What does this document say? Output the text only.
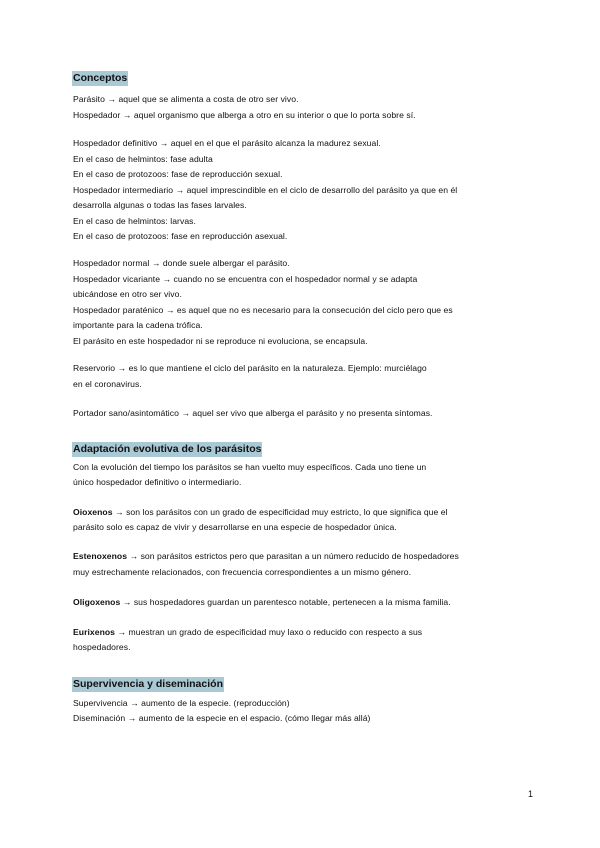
Conceptos
Parásito → aquel que se alimenta a costa de otro ser vivo.
Hospedador → aquel organismo que alberga a otro en su interior o que lo porta sobre sí.
Hospedador definitivo → aquel en el que el parásito alcanza la madurez sexual.
En el caso de helmintos: fase adulta
En el caso de protozoos: fase de reproducción sexual.
Hospedador intermediario → aquel imprescindible en el ciclo de desarrollo del parásito ya que en él
desarrolla algunas o todas las fases larvales.
En el caso de helmintos: larvas.
En el caso de protozoos: fase en reproducción asexual.
Hospedador normal → donde suele albergar el parásito.
Hospedador vicariante → cuando no se encuentra con el hospedador normal y se adapta
ubicándose en otro ser vivo.
Hospedador paraténico → es aquel que no es necesario para la consecución del ciclo pero que es
importante para la cadena trófica.
El parásito en este hospedador ni se reproduce ni evoluciona, se encapsula.
Reservorio → es lo que mantiene el ciclo del parásito en la naturaleza. Ejemplo: murciélago
en el coronavirus.
Portador sano/asintomático → aquel ser vivo que alberga el parásito y no presenta síntomas.
Adaptación evolutiva de los parásitos
Con la evolución del tiempo los parásitos se han vuelto muy específicos. Cada uno tiene un
único hospedador definitivo o intermediario.
Oioxenos → son los parásitos con un grado de especificidad muy estricto, lo que significa que el
parásito solo es capaz de vivir y desarrollarse en una especie de hospedador única.
Estenoxenos → son parásitos estrictos pero que parasitan a un número reducido de hospedadores
muy estrechamente relacionados, con frecuencia correspondientes a un mismo género.
Oligoxenos → sus hospedadores guardan un parentesco notable, pertenecen a la misma familia.
Eurixenos → muestran un grado de especificidad muy laxo o reducido con respecto a sus
hospedadores.
Supervivencia y diseminación
Supervivencia → aumento de la especie. (reproducción)
Diseminación → aumento de la especie en el espacio. (cómo llegar más allá)
1
